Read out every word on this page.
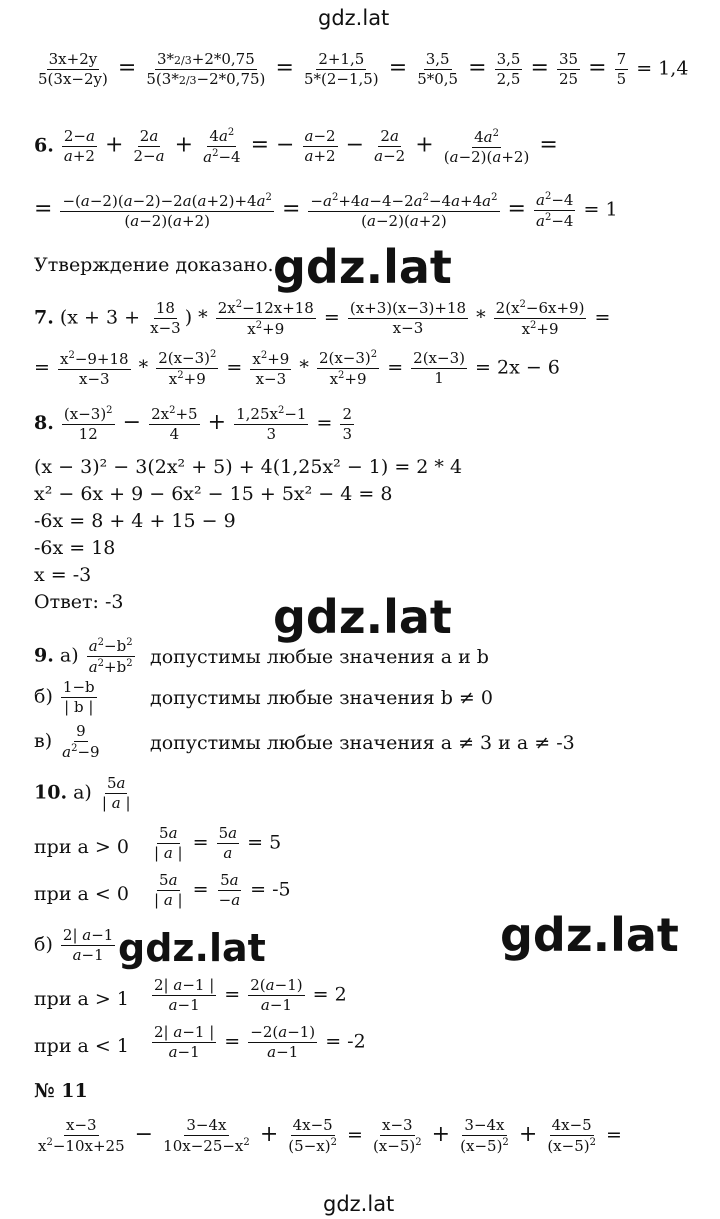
gdz.lat
gdz.lat
gdz.lat
gdz.lat
gdz.lat
gdz.lat
$\frac{3x+2y}{5(3x-2y)} = \frac{3*2/3+2*0,75}{5(3*2/3-2*0,75)} = \frac{2+1,5}{5*(2-1,5)} = \frac{3,5}{5*0,5} = \frac{3,5}{2,5} = \frac{35}{25} = \frac{7}{5} = 1,4$
6. $\frac{2-a}{a+2} + \frac{2a}{2-a} + \frac{4a^2}{a^2-4}$ = − $\frac{a-2}{a+2} - \frac{2a}{a-2} + \frac{4a^2}{(a-2)(a+2)}$ =
= $\frac{-(a-2)(a-2)-2a(a+2)+4a^2}{(a-2)(a+2)} = \frac{-a^2+4a-4-2a^2-4a+4a^2}{(a-2)(a+2)} = \frac{a^2-4}{a^2-4} = 1$
Утверждение доказано.
7. ($x + 3 + \frac{18}{x-3}$ ) * $\frac{2x^2-12x+18}{x^2+9} = \frac{(x+3)(x-3)+18}{x-3} * \frac{2(x^2-6x+9)}{x^2+9}$ =
= $\frac{x^2-9+18}{x-3} * \frac{2(x-3)^2}{x^2+9} = \frac{x^2+9}{x-3} * \frac{2(x-3)^2}{x^2+9} = \frac{2(x-3)}{1} = 2x - 6$
8. $\frac{(x-3)^2}{12} - \frac{2x^2+5}{4} + \frac{1,25x^2-1}{3} = \frac{2}{3}$
(x − 3)² − 3(2x² + 5) + 4(1,25x² − 1) = 2 * 4
x² − 6x + 9 − 6x² − 15 + 5x² − 4 = 8
-6x = 8 + 4 + 15 − 9
-6x = 18
x = -3
Ответ: -3
9. $а) \frac{a^2-b^2}{a^2+b^2}$ допустимы любые значения a и b
$б) \frac{1-b}{| b |}$	допустимы любые значения b ≠ 0
$в) \frac{9}{a^2-9}$	допустимы любые значения a ≠ 3 и a ≠ -3
10. $а) \frac{5a}{| a |}$
при $a > 0 \frac{5a}{| a |} = \frac{5a}{a} = 5$
при $a < 0 \frac{5a}{| a |} = \frac{5a}{-a} = -5$
$б) \frac{2| a-1}{a-1}$
при $a > 1 \frac{2| a-1 |}{a-1} = \frac{2(a-1)}{a-1} = 2$
при $a < 1 \frac{2| a-1 |}{a-1} = \frac{-2(a-1)}{a-1} = -2$
№ 11
$\frac{x-3}{x^2-10x+25} - \frac{3-4x}{10x-25-x^2} + \frac{4x-5}{(5-x)^2} = \frac{x-3}{(x-5)^2} + \frac{3-4x}{(x-5)^2} + \frac{4x-5}{(x-5)^2}$ =
